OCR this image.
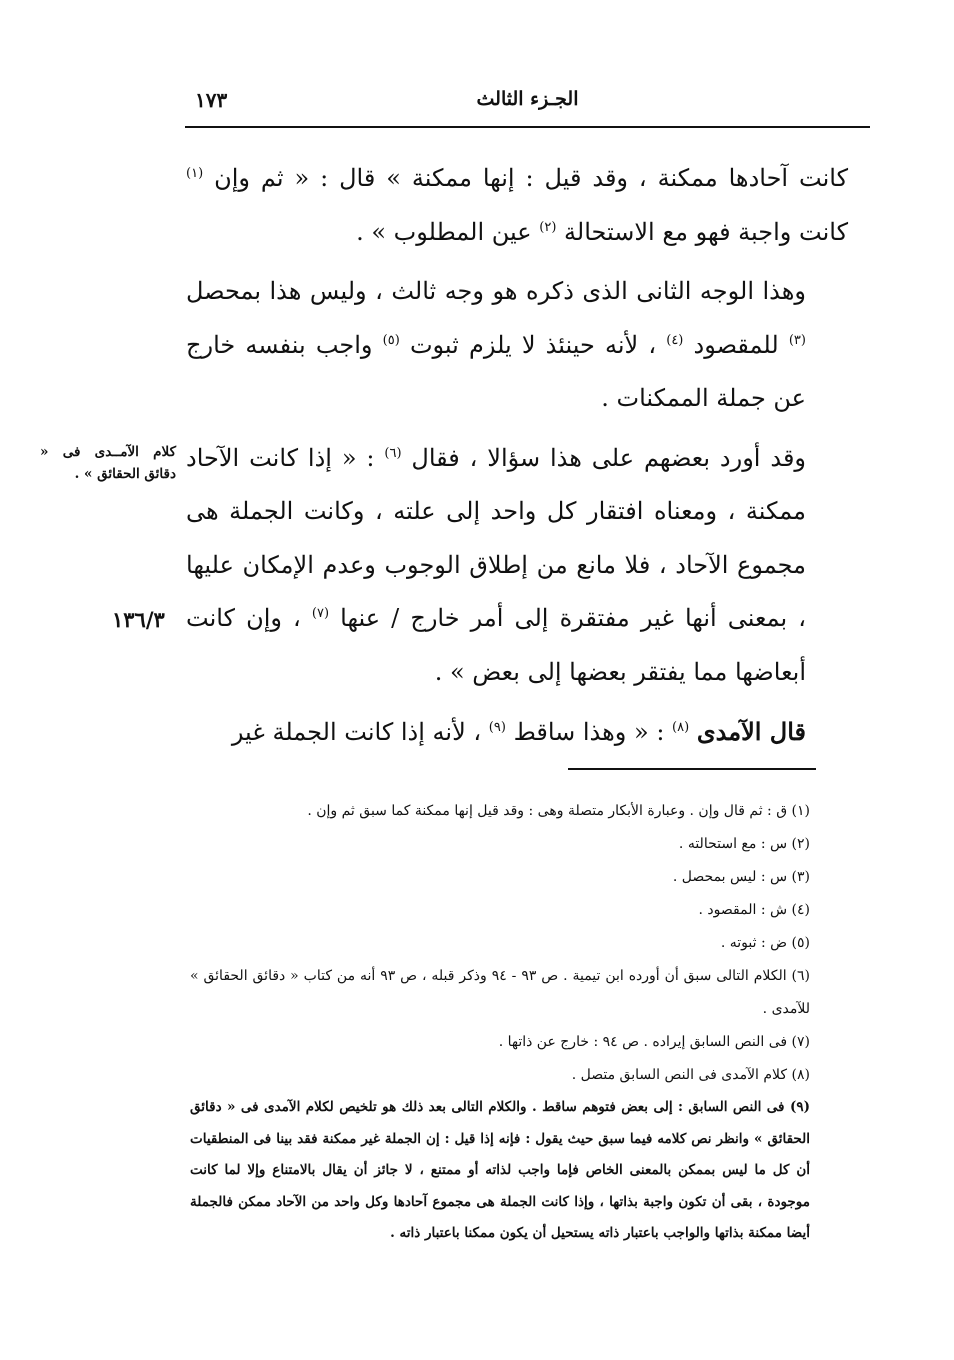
١٧٣	الجـزء الثالث

كانت آحادها ممكنة ، وقد قيل : إنها ممكنة » قال : « ثم وإن $^{(١)}$ كانت واجبة فهو مع الاستحالة $^{(٢)}$ عين المطلوب » .

وهذا الوجه الثانى الذى ذكره هو وجه ثالث ، وليس هذا بمحصل $^{(٣)}$ للمقصود $^{(٤)}$ ، لأنه حينئذ لا يلزم ثبوت $^{(٥)}$ واجب بنفسه خارج عن جملة الممكنات .

وقد أورد بعضهم على هذا سؤالا ، فقال $^{(٦)}$ : « إذا كانت الآحاد ممكنة ، ومعناه افتقار كل واحد إلى علته ، وكانت الجملة هى مجموع الآحاد ، فلا مانع من إطلاق الوجوب وعدم الإمكان عليها ، بمعنى أنها غير مفتقرة إلى أمر خارج / عنها $^{(٧)}$ ، وإن كانت أبعاضها مما يفتقر بعضها إلى بعض » .

قال الآمدى $^{(٨)}$ : « وهذا ساقط $^{(٩)}$ ، لأنه إذا كانت الجملة غير

كلام الآمــدى فى « دقائق الحقائق » .
١٣٦/٣

(١) ق : ثم قال وإن . وعبارة الأبكار متصلة وهى : وقد قيل إنها ممكنة كما سبق ثم وإن .

(٢) س : مع استحالته .

(٣) س : ليس بمحصل .

(٤) ش : المقصود .

(٥) ض : ثبوته .

(٦) الكلام التالى سبق أن أورده ابن تيمية . ص ٩٣ - ٩٤ وذكر قبله ، ص ٩٣ أنه من كتاب « دقائق الحقائق » للآمدى .

(٧) فى النص السابق إيراده . ص ٩٤ : خارج عن ذاتها .

(٨) كلام الآمدى فى النص السابق متصل .

(٩) فى النص السابق : إلى بعض فتوهم ساقط . والكلام التالى بعد ذلك هو تلخيص لكلام الآمدى فى « دقائق الحقائق » وانظر نص كلامه فيما سبق حيث يقول : فإنه إذا قيل : إن الجملة غير ممكنة فقد بينا فى المنطقيات أن كل ما ليس بممكن بالمعنى الخاص فإما واجب لذاته أو ممتنع ، لا جائز أن يقال بالامتناع وإلا لما كانت موجودة ، بقى أن تكون واجبة بذاتها ، وإذا كانت الجملة هى مجموع آحادها وكل واحد من الآحاد ممكن فالجملة أيضا ممكنة بذاتها والواجب باعتبار ذاته يستحيل أن يكون ممكنا باعتبار ذاته .
